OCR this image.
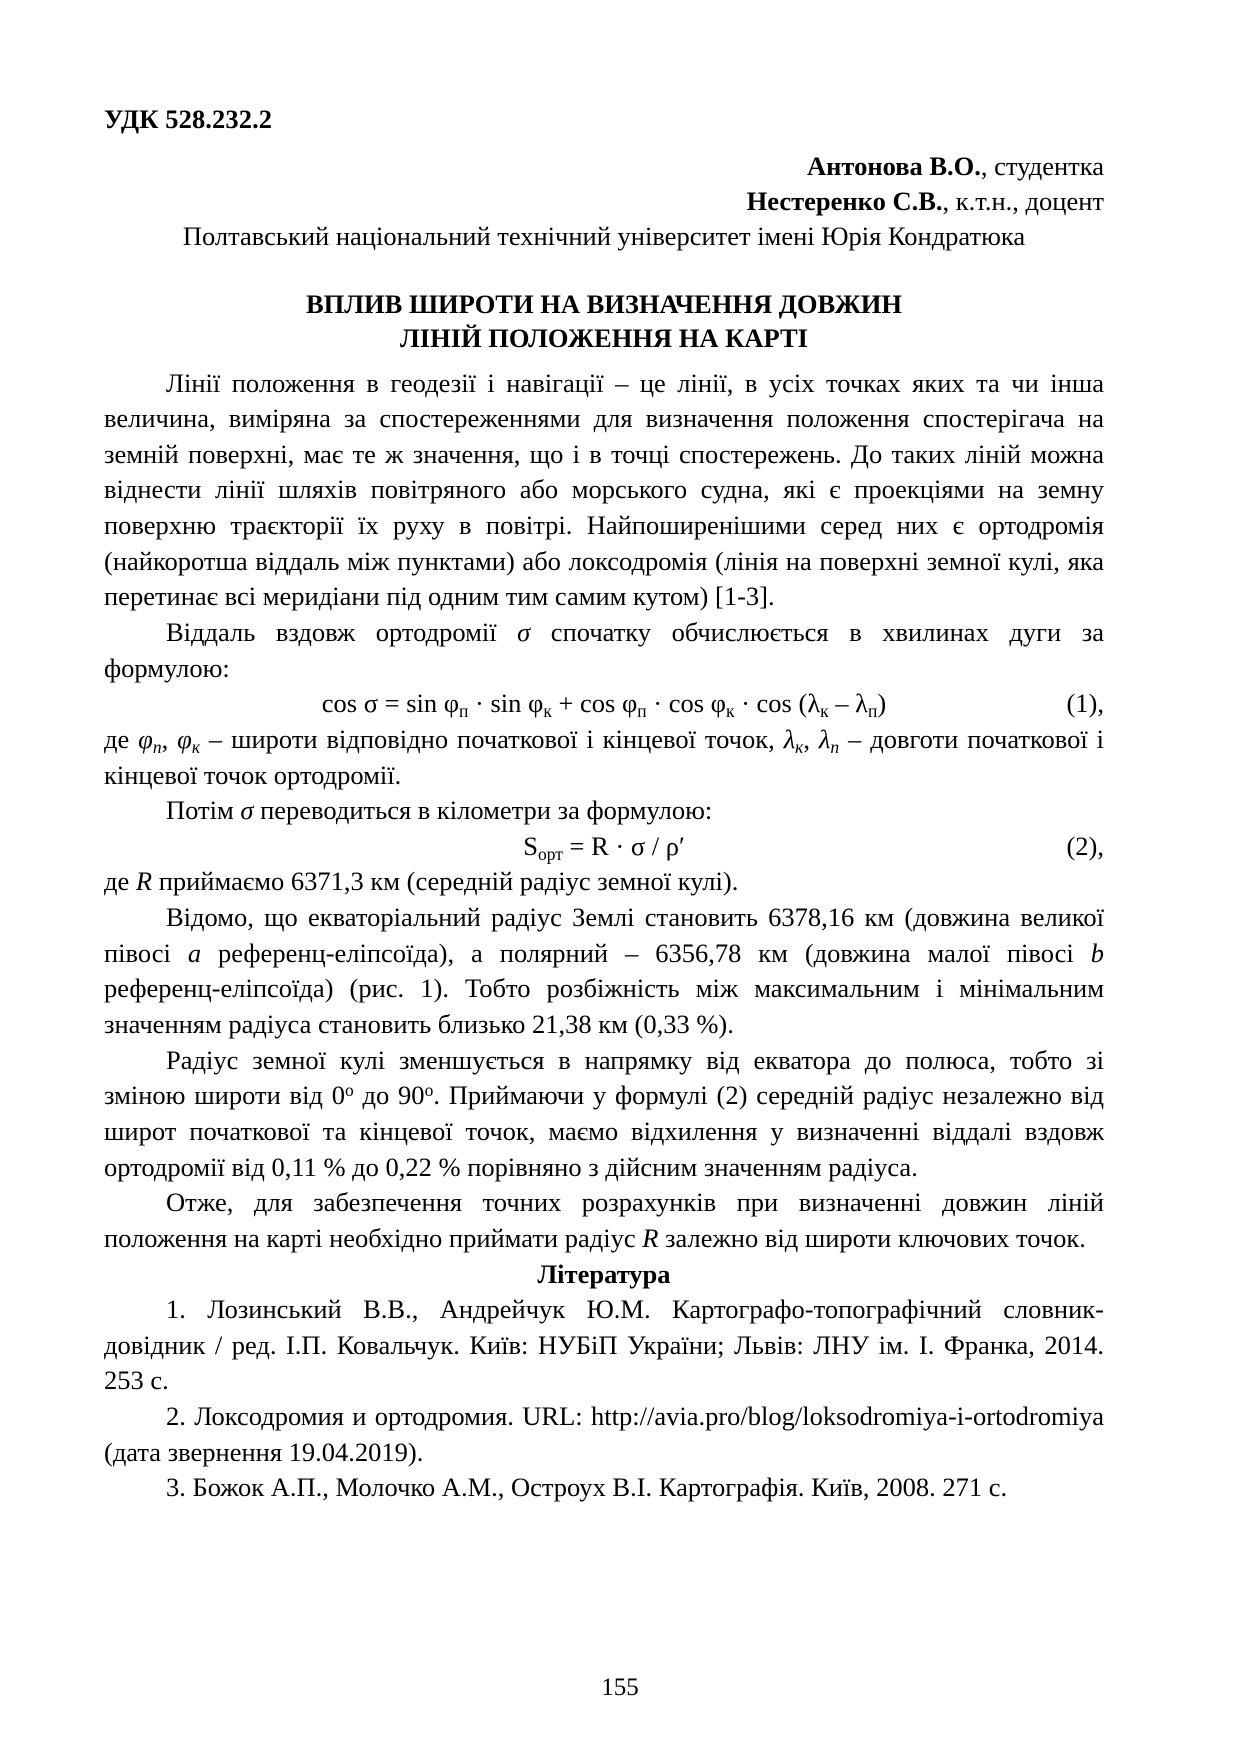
УДК 528.232.2

Антонова В.О., студентка

Нестеренко С.В., к.т.н., доцент

Полтавський національний технічний університет імені Юрія Кондратюка

ВПЛИВ ШИРОТИ НА ВИЗНАЧЕННЯ ДОВЖИН
ЛІНІЙ ПОЛОЖЕННЯ НА КАРТІ

Лінії положення в геодезії і навігації – це лінії, в усіх точках яких та чи інша величина, виміряна за спостереженнями для визначення положення спостерігача на земній поверхні, має те ж значення, що і в точці спостережень. До таких ліній можна віднести лінії шляхів повітряного або морського судна, які є проекціями на земну поверхню траєкторії їх руху в повітрі. Найпоширенішими серед них є ортодромія (найкоротша віддаль між пунктами) або локсодромія (лінія на поверхні земної кулі, яка перетинає всі меридіани під одним тим самим кутом) [1-3].

Віддаль вздовж ортодромії σ спочатку обчислюється в хвилинах дуги за формулою:

$\cos \sigma = \sin \varphi_п \cdot \sin \varphi_к + \cos \varphi_п \cdot \cos \varphi_к \cdot \cos (\lambda_к - \lambda_п)$	(1),

де $\varphi_п$, $\varphi_к$ – широти відповідно початкової і кінцевої точок, $\lambda_к$, $\lambda_п$ – довготи початкової і кінцевої точок ортодромії.

Потім σ переводиться в кілометри за формулою:

$S_{орт} = R \cdot \sigma / \rho'$	(2),

де R приймаємо 6371,3 км (середній радіус земної кулі).

Відомо, що екваторіальний радіус Землі становить 6378,16 км (довжина великої півосі a референц-еліпсоїда), а полярний – 6356,78 км (довжина малої півосі b референц-еліпсоїда) (рис. 1). Тобто розбіжність між максимальним і мінімальним значенням радіуса становить близько 21,38 км (0,33 %).

Радіус земної кулі зменшується в напрямку від екватора до полюса, тобто зі зміною широти від $0^о$ до $90^о$. Приймаючи у формулі (2) середній радіус незалежно від широт початкової та кінцевої точок, маємо відхилення у визначенні віддалі вздовж ортодромії від 0,11 % до 0,22 % порівняно з дійсним значенням радіуса.

Отже, для забезпечення точних розрахунків при визначенні довжин ліній положення на карті необхідно приймати радіус R залежно від широти ключових точок.

Література

1. Лозинський В.В., Андрейчук Ю.М. Картографо-топографічний словник-довідник / ред. І.П. Ковальчук. Київ: НУБіП України; Львів: ЛНУ ім. І. Франка, 2014. 253 с.

2. Локсодромия и ортодромия. URL: http://avia.pro/blog/loksodromiya-i-ortodromiya (дата звернення 19.04.2019).

3. Божок А.П., Молочко А.М., Остроух В.І. Картографія. Київ, 2008. 271 с.

155
